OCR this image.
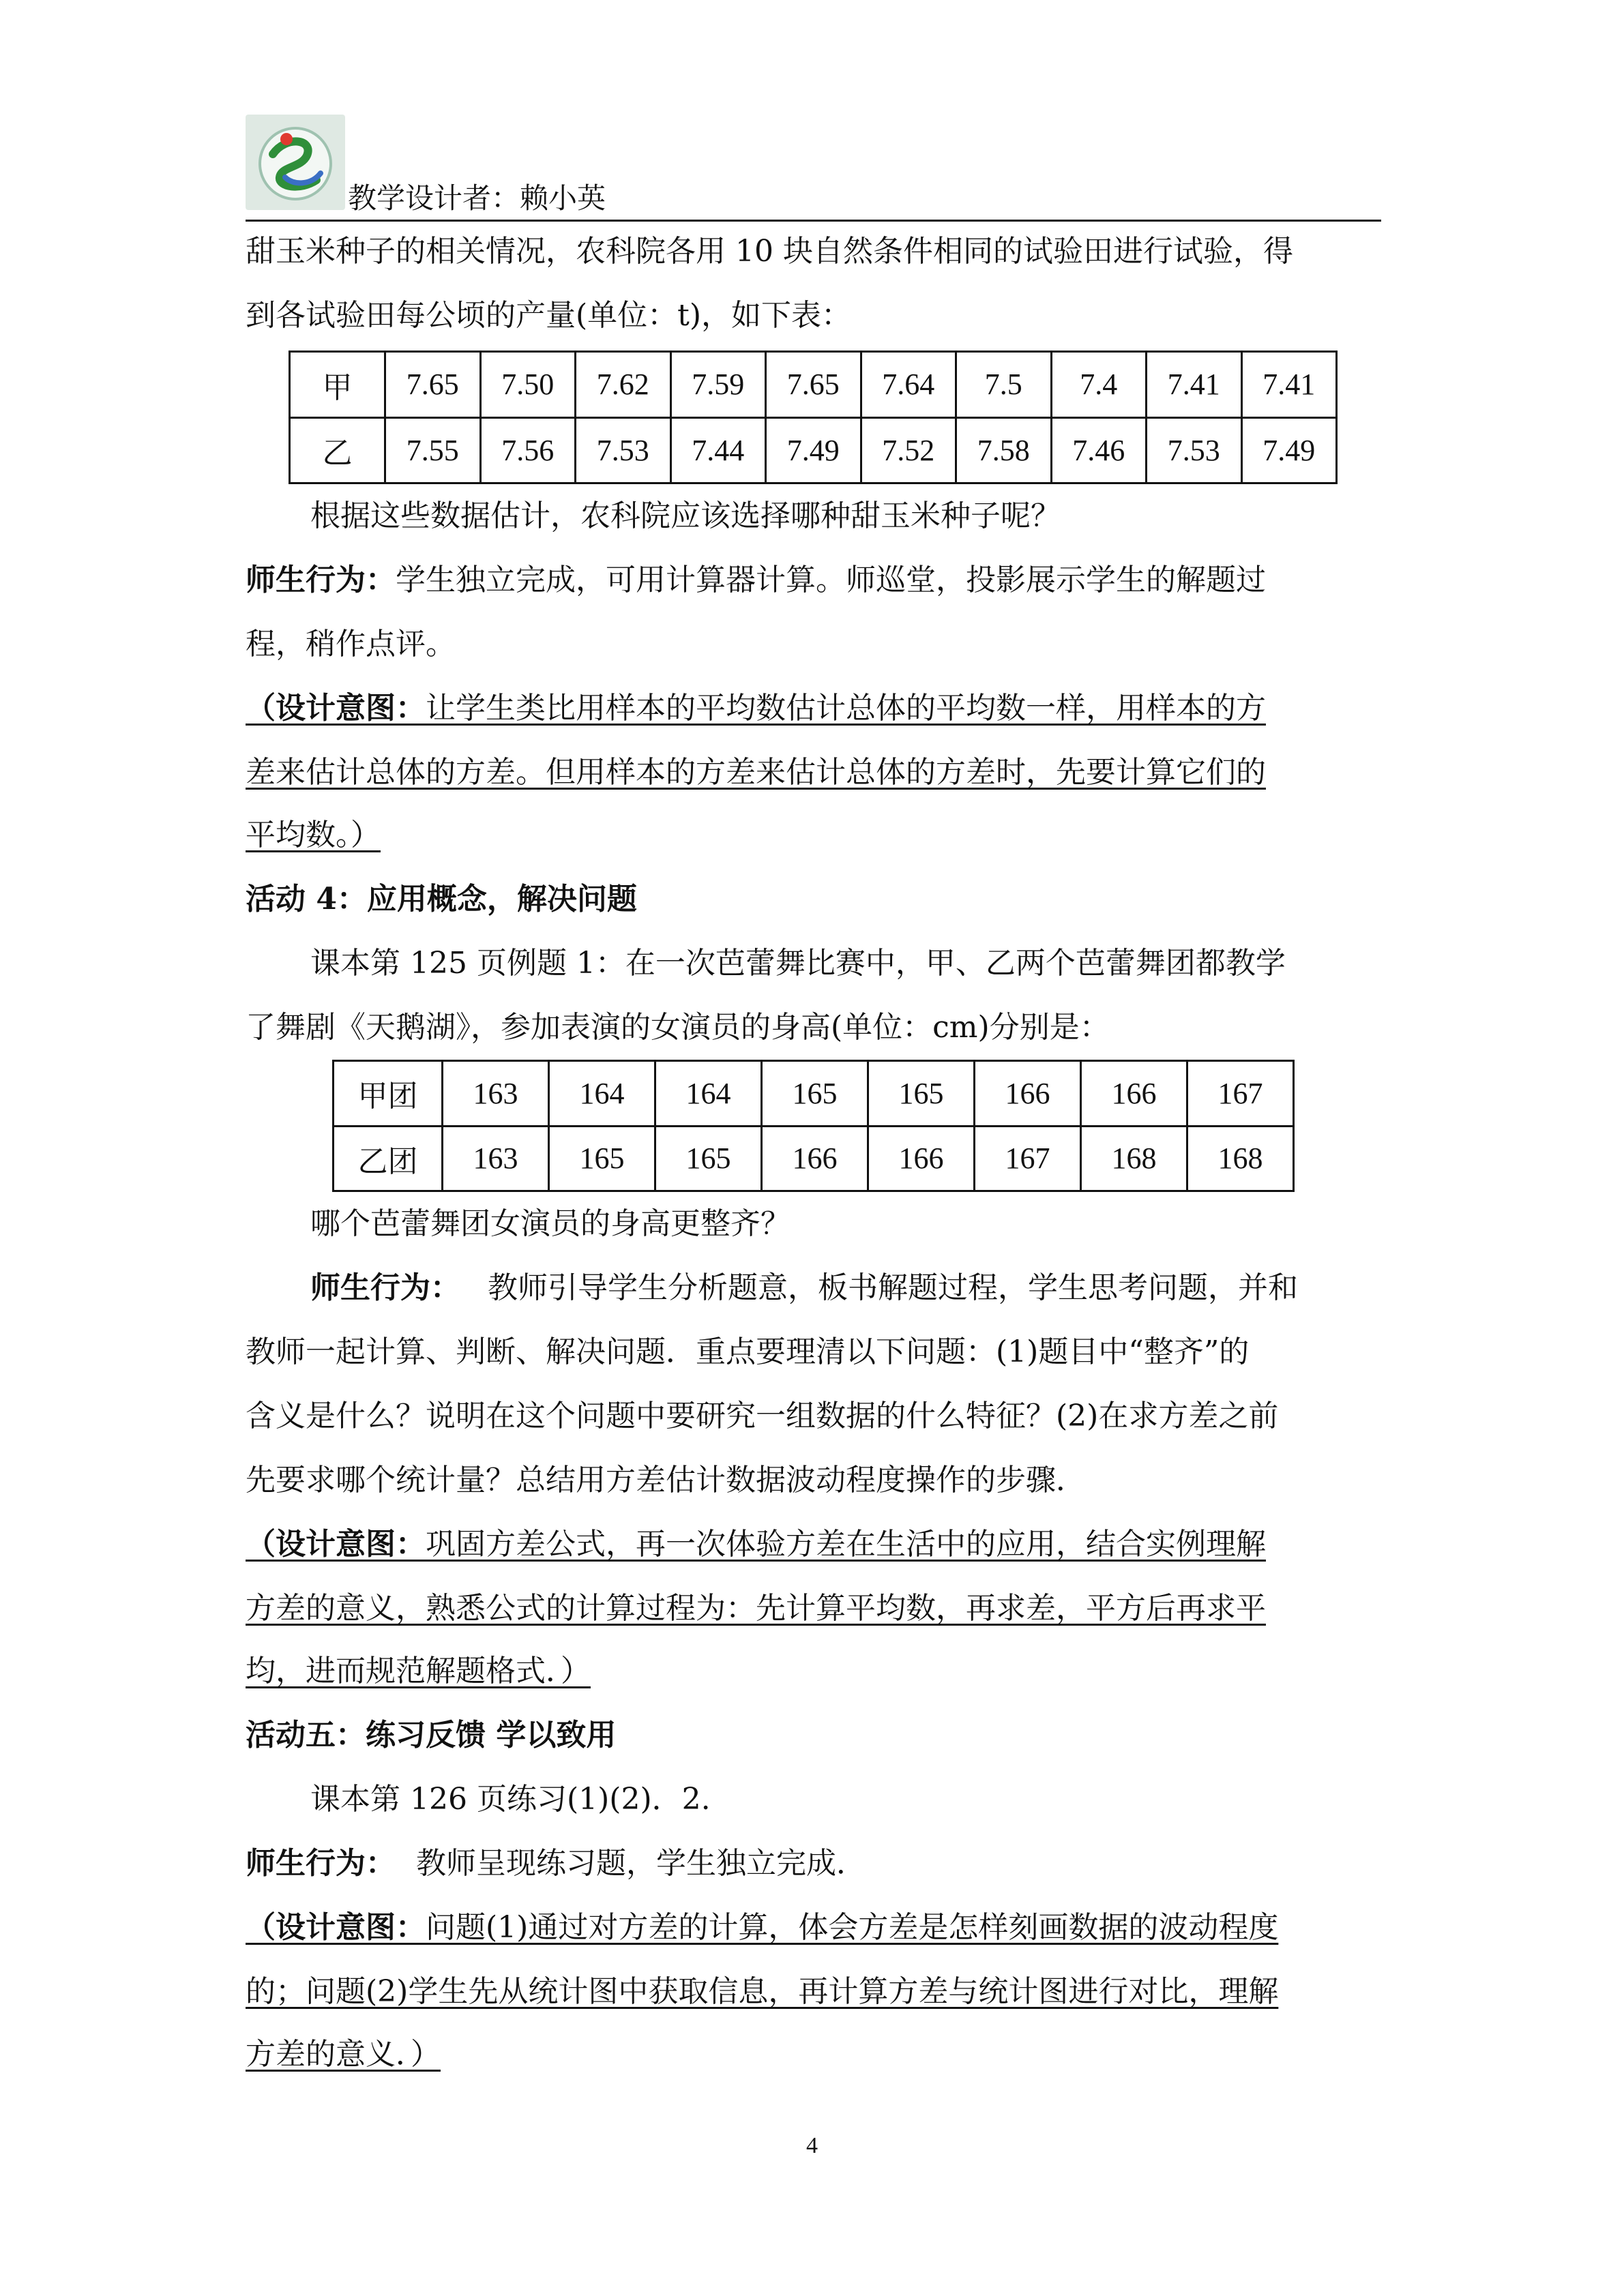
教学设计者：赖小英
甜玉米种子的相关情况，农科院各用 10 块自然条件相同的试验田进行试验，得
到各试验田每公顷的产量(单位：t)，如下表：
甲	7.65	7.50	7.62	7.59	7.65	7.64	7.5	7.4	7.41	7.41
乙	7.55	7.56	7.53	7.44	7.49	7.52	7.58	7.46	7.53	7.49
根据这些数据估计，农科院应该选择哪种甜玉米种子呢？
师生行为：学生独立完成，可用计算器计算。师巡堂，投影展示学生的解题过
程，稍作点评。
（设计意图：让学生类比用样本的平均数估计总体的平均数一样，用样本的方
差来估计总体的方差。但用样本的方差来估计总体的方差时，先要计算它们的
平均数。）
活动 4：应用概念，解决问题
课本第 125 页例题 1：在一次芭蕾舞比赛中，甲、乙两个芭蕾舞团都教学
了舞剧《天鹅湖》，参加表演的女演员的身高(单位：cm)分别是：
甲团	163	164	164	165	165	166	166	167
乙团	163	165	165	166	166	167	168	168
哪个芭蕾舞团女演员的身高更整齐？
师生行为： 教师引导学生分析题意，板书解题过程，学生思考问题，并和
教师一起计算、判断、解决问题．重点要理清以下问题：(1)题目中“整齐”的
含义是什么？说明在这个问题中要研究一组数据的什么特征？(2)在求方差之前
先要求哪个统计量？总结用方差估计数据波动程度操作的步骤．
（设计意图：巩固方差公式，再一次体验方差在生活中的应用，结合实例理解
方差的意义，熟悉公式的计算过程为：先计算平均数，再求差，平方后再求平
均，进而规范解题格式．）
活动五：练习反馈 学以致用
课本第 126 页练习(1)(2)．2.
师生行为： 教师呈现练习题，学生独立完成．
（设计意图：问题(1)通过对方差的计算，体会方差是怎样刻画数据的波动程度
的；问题(2)学生先从统计图中获取信息，再计算方差与统计图进行对比，理解
方差的意义．）
4
